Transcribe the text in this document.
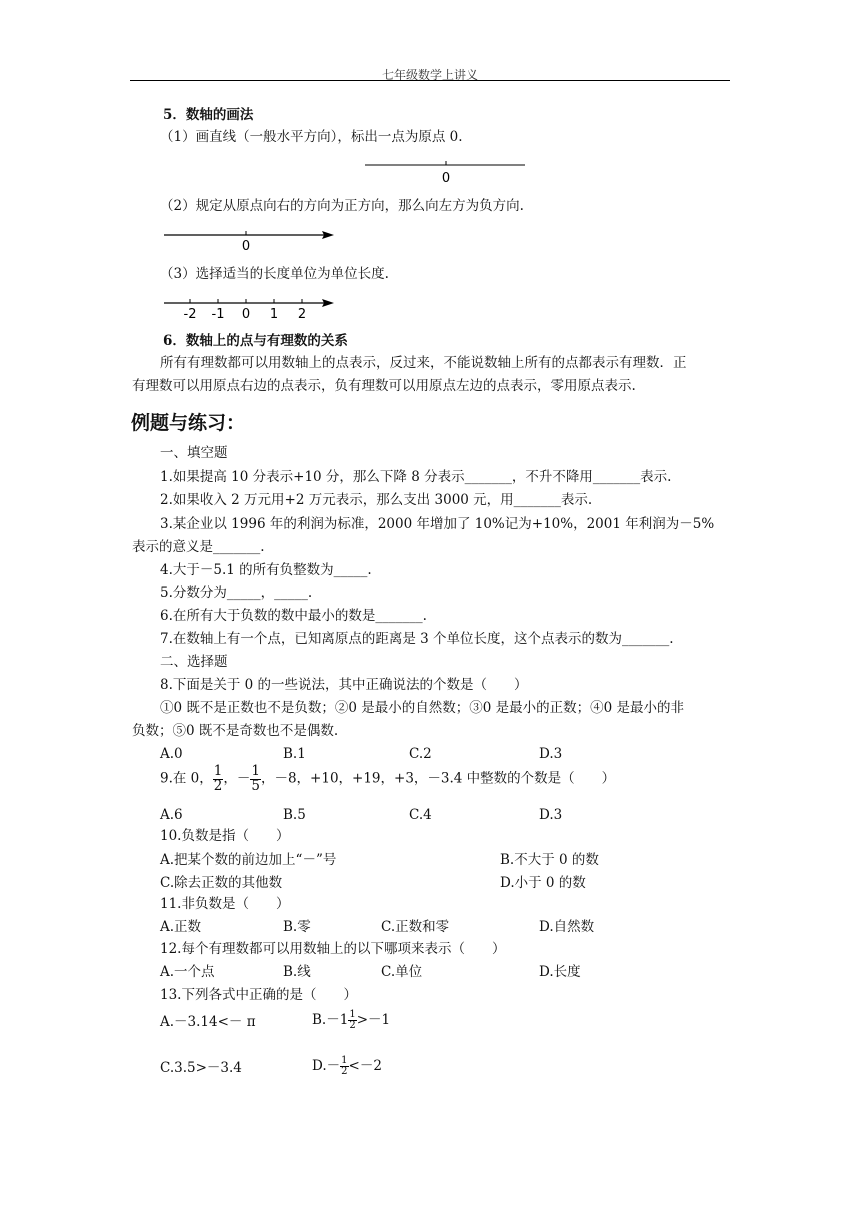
七年级数学上讲义
5．数轴的画法
（1）画直线（一般水平方向），标出一点为原点 0.
0
（2）规定从原点向右的方向为正方向，那么向左方为负方向.
0
（3）选择适当的长度单位为单位长度.
-2 -1 0 1 2
6．数轴上的点与有理数的关系
所有有理数都可以用数轴上的点表示，反过来，不能说数轴上所有的点都表示有理数．正
有理数可以用原点右边的点表示，负有理数可以用原点左边的点表示，零用原点表示.
例题与练习：
一、填空题
1.如果提高 10 分表示+10 分，那么下降 8 分表示_______，不升不降用_______表示.
2.如果收入 2 万元用+2 万元表示，那么支出 3000 元，用_______表示.
3.某企业以 1996 年的利润为标准，2000 年增加了 10%记为+10%，2001 年利润为－5%
表示的意义是_______.
4.大于－5.1 的所有负整数为_____.
5.分数分为_____，_____.
6.在所有大于负数的数中最小的数是_______.
7.在数轴上有一个点，已知离原点的距离是 3 个单位长度，这个点表示的数为_______.
二、选择题
8.下面是关于 0 的一些说法，其中正确说法的个数是（　　）
①0 既不是正数也不是负数；②0 是最小的自然数；③0 是最小的正数；④0 是最小的非
负数；⑤0 既不是奇数也不是偶数.
A.0	B.1	C.2	D.3
9.在 0， $\frac{1}{2}$ ，－ $\frac{1}{5}$ ，－8，+10，+19，+3，－3.4 中整数的个数是（　　）
A.6	B.5	C.4	D.3
10.负数是指（　　）
A.把某个数的前边加上“－”号	B.不大于 0 的数
C.除去正数的其他数	D.小于 0 的数
11.非负数是（　　）
A.正数	B.零	C.正数和零	D.自然数
12.每个有理数都可以用数轴上的以下哪项来表示（　　）
A.一个点	B.线	C.单位	D.长度
13.下列各式中正确的是（　　）
A.－3.14<－ π	$B.-1 \frac{1}{2} >-1$
C.3.5>－3.4	$D.- \frac{1}{2} <-2$
